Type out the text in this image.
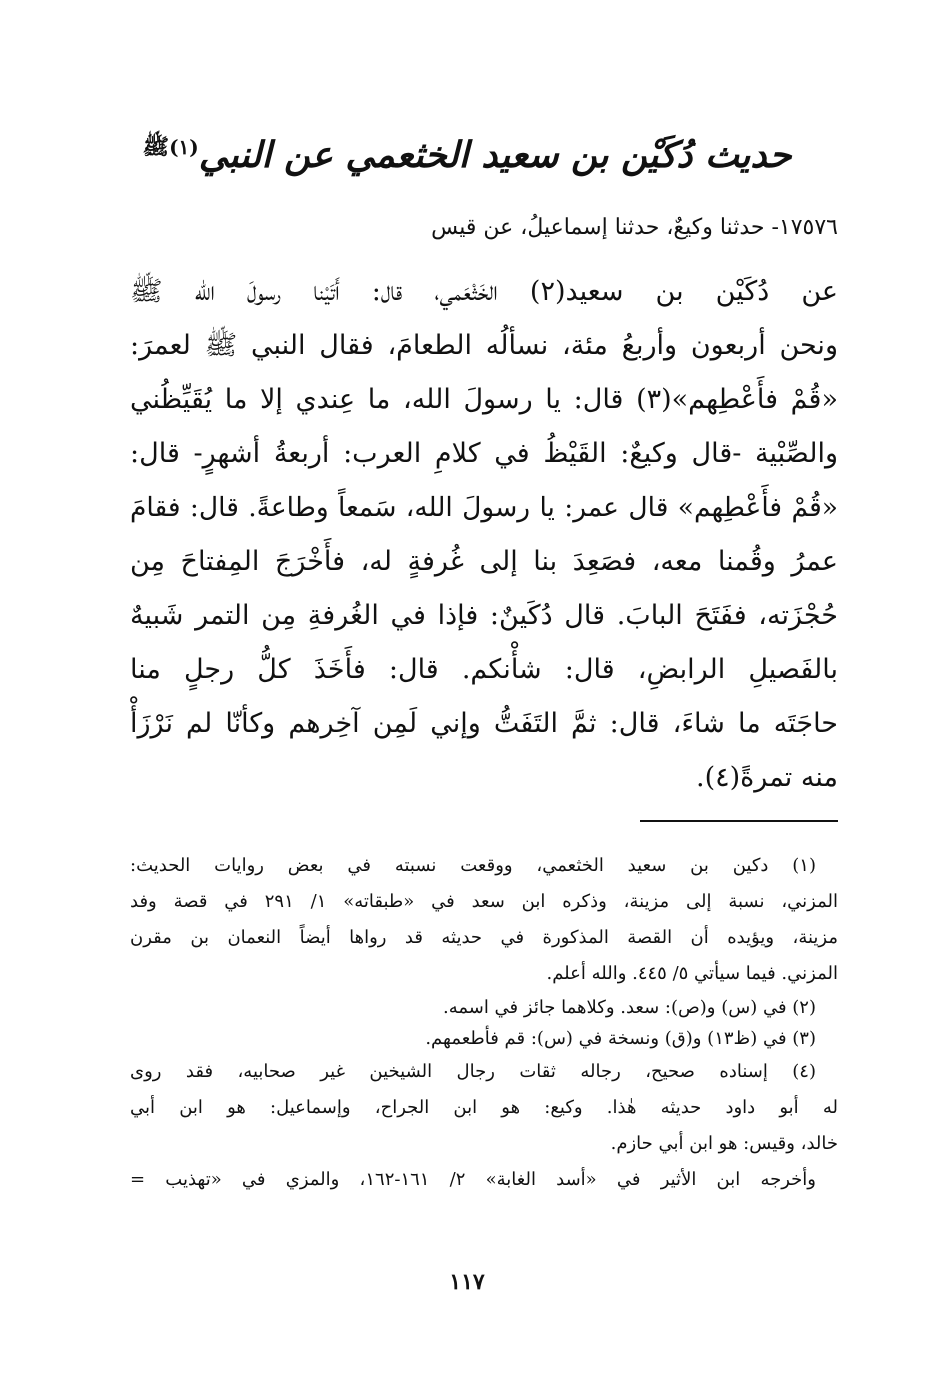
حديث دُكَيْن بن سعيد الخثعمي عن النبي$^{(١)ﷺ}$
١٧٥٧٦- حدثنا وكيعٌ، حدثنا إسماعيلُ، عن قيس
عن دُكَيْن بن سعيد(٢) الخَثْعَمي، قال: أَتَيْنا رسولَ الله ﷺ
ونحن أربعون وأربعُ مئة، نسألُه الطعامَ، فقال النبي ﷺ لعمرَ:
«قُمْ فأَعْطِهم»(٣) قال: يا رسولَ الله، ما عِندي إلا ما يُقَيِّظُني
والصِّبْية -قال وكيعٌ: القَيْظُ في كلامِ العرب: أربعةُ أشهرٍ- قال:
«قُمْ فأَعْطِهم» قال عمر: يا رسولَ الله، سَمعاً وطاعةً. قال: فقامَ
عمرُ وقُمنا معه، فصَعِدَ بنا إلى غُرفةٍ له، فأَخْرَجَ المِفتاحَ مِن
حُجْزَته، ففَتَحَ البابَ. قال دُكَينٌ: فإذا في الغُرفةِ مِن التمر شَبيهٌ
بالفَصيلِ الرابضِ، قال: شأْنكم. قال: فأَخَذَ كلُّ رجلٍ منا
حاجَتَه ما شاءَ، قال: ثمَّ التَفَتُّ وإني لَمِن آخِرهم وكأنّا لم نَرْزَأْ
منه تمرةً(٤).
(١) دكين بن سعيد الخثعمي، ووقعت نسبته في بعض روايات الحديث:
المزني، نسبة إلى مزينة، وذكره ابن سعد في «طبقاته» ١/ ٢٩١ في قصة وفد
مزينة، ويؤيده أن القصة المذكورة في حديثه قد رواها أيضاً النعمان بن مقرن
المزني. فيما سيأتي ٥/ ٤٤٥. والله أعلم.
(٢) في (س) و(ص): سعد. وكلاهما جائز في اسمه.
(٣) في (ظ١٣) و(ق) ونسخة في (س): قم فأطعمهم.
(٤) إسناده صحيح، رجاله ثقات رجال الشيخين غير صحابيه، فقد روى
له أبو داود حديثه هٰذا. وكيع: هو ابن الجراح، وإسماعيل: هو ابن أبي
خالد، وقيس: هو ابن أبي حازم.
وأخرجه ابن الأثير في «أسد الغابة» ٢/ ١٦١-١٦٢، والمزي في «تهذيب =
١١٧
